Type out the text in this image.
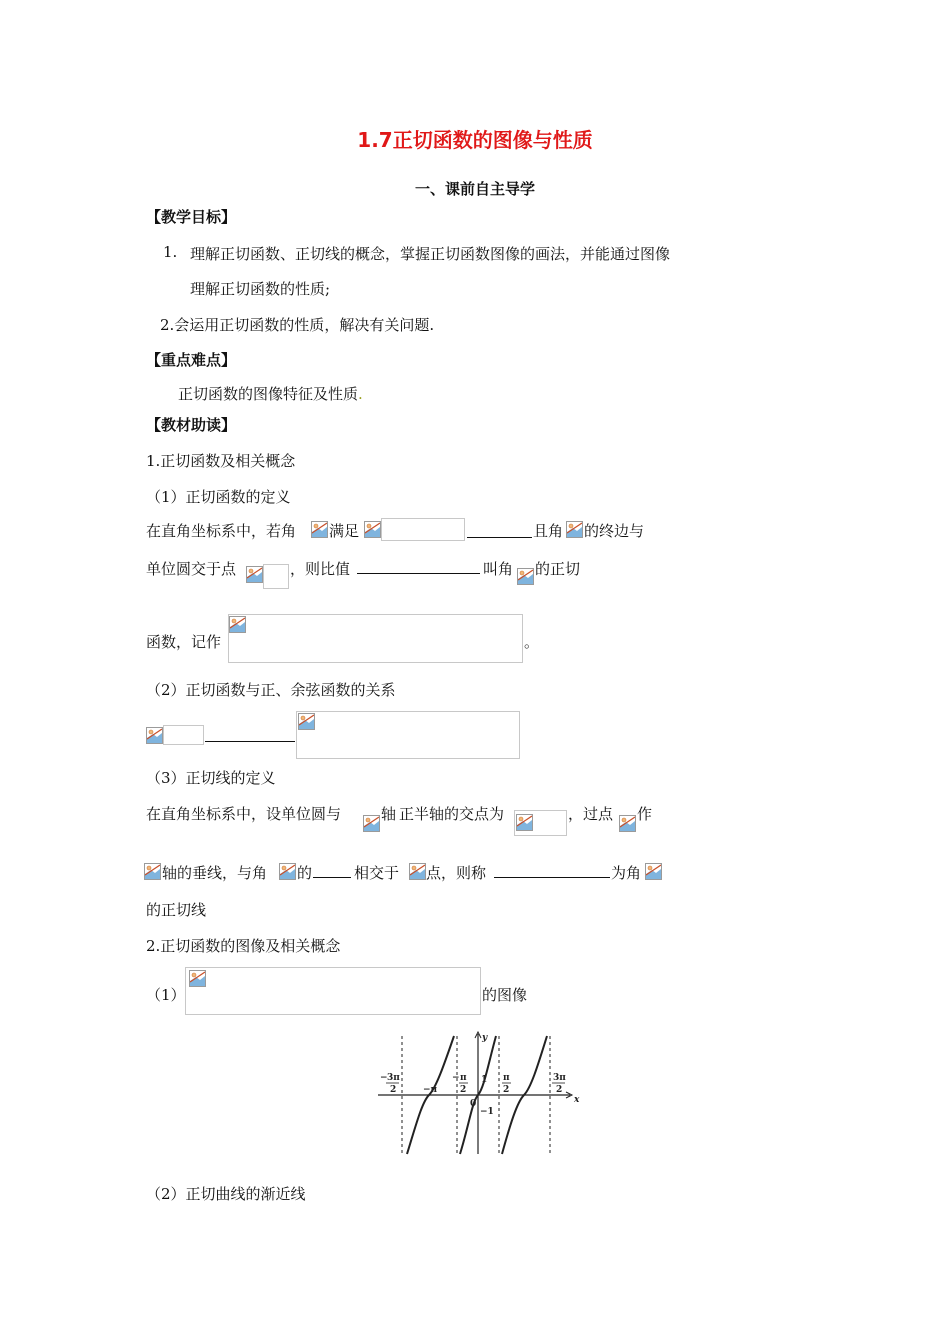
1.7正切函数的图像与性质
一、课前自主导学
【教学目标】
1. 理解正切函数、正切线的概念，掌握正切函数图像的画法，并能通过图像
理解正切函数的性质;
2.会运用正切函数的性质，解决有关问题.
【重点难点】
正切函数的图像特征及性质.
【教材助读】
1.正切函数及相关概念
（1）正切函数的定义
在直角坐标系中，若角 满足	且角 的终边与
单位圆交于点	，则比值	叫角 的正切
函数，记作	。
（2）正切函数与正、余弦函数的关系
（3）正切线的定义
在直角坐标系中，设单位圆与	轴 正半轴的交点为	，过点 作
轴的垂线，与角 的	相交于 点，则称	为角
的正切线
2.正切函数的图像及相关概念
（1）	的图像
− 3π
2	−π
− π
2
1
0
−1
π
2
3π
2
x
y
（2）正切曲线的渐近线
